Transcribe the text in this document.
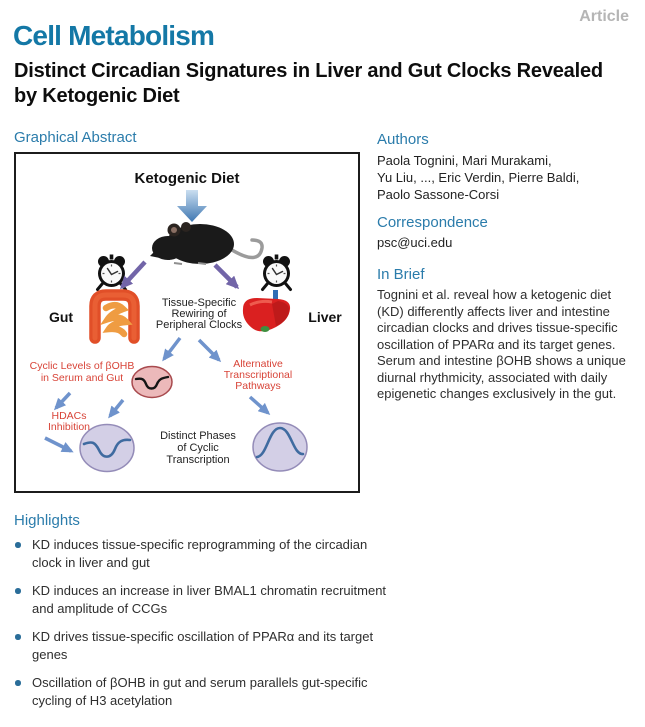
Article
Cell Metabolism
Distinct Circadian Signatures in Liver and Gut Clocks Revealed by Ketogenic Diet
Graphical Abstract
Ketogenic Diet
Gut	Liver
Tissue-Specific
Rewiring of
Peripheral Clocks
Cyclic Levels of βOHB
in Serum and Gut
Alternative
Transcriptional
Pathways
HDACs
Inhibition
Distinct Phases
of Cyclic
Transcription
Authors
Paola Tognini, Mari Murakami,
Yu Liu, ..., Eric Verdin, Pierre Baldi,
Paolo Sassone-Corsi
Correspondence
psc@uci.edu
In Brief
Tognini et al. reveal how a ketogenic diet (KD) differently affects liver and intestine circadian clocks and drives tissue-specific oscillation of PPARα and its target genes. Serum and intestine βOHB shows a unique diurnal rhythmicity, associated with daily epigenetic changes exclusively in the gut.
Highlights
KD induces tissue-specific reprogramming of the circadian clock in liver and gut
KD induces an increase in liver BMAL1 chromatin recruitment and amplitude of CCGs
KD drives tissue-specific oscillation of PPARα and its target genes
Oscillation of βOHB in gut and serum parallels gut-specific cycling of H3 acetylation
